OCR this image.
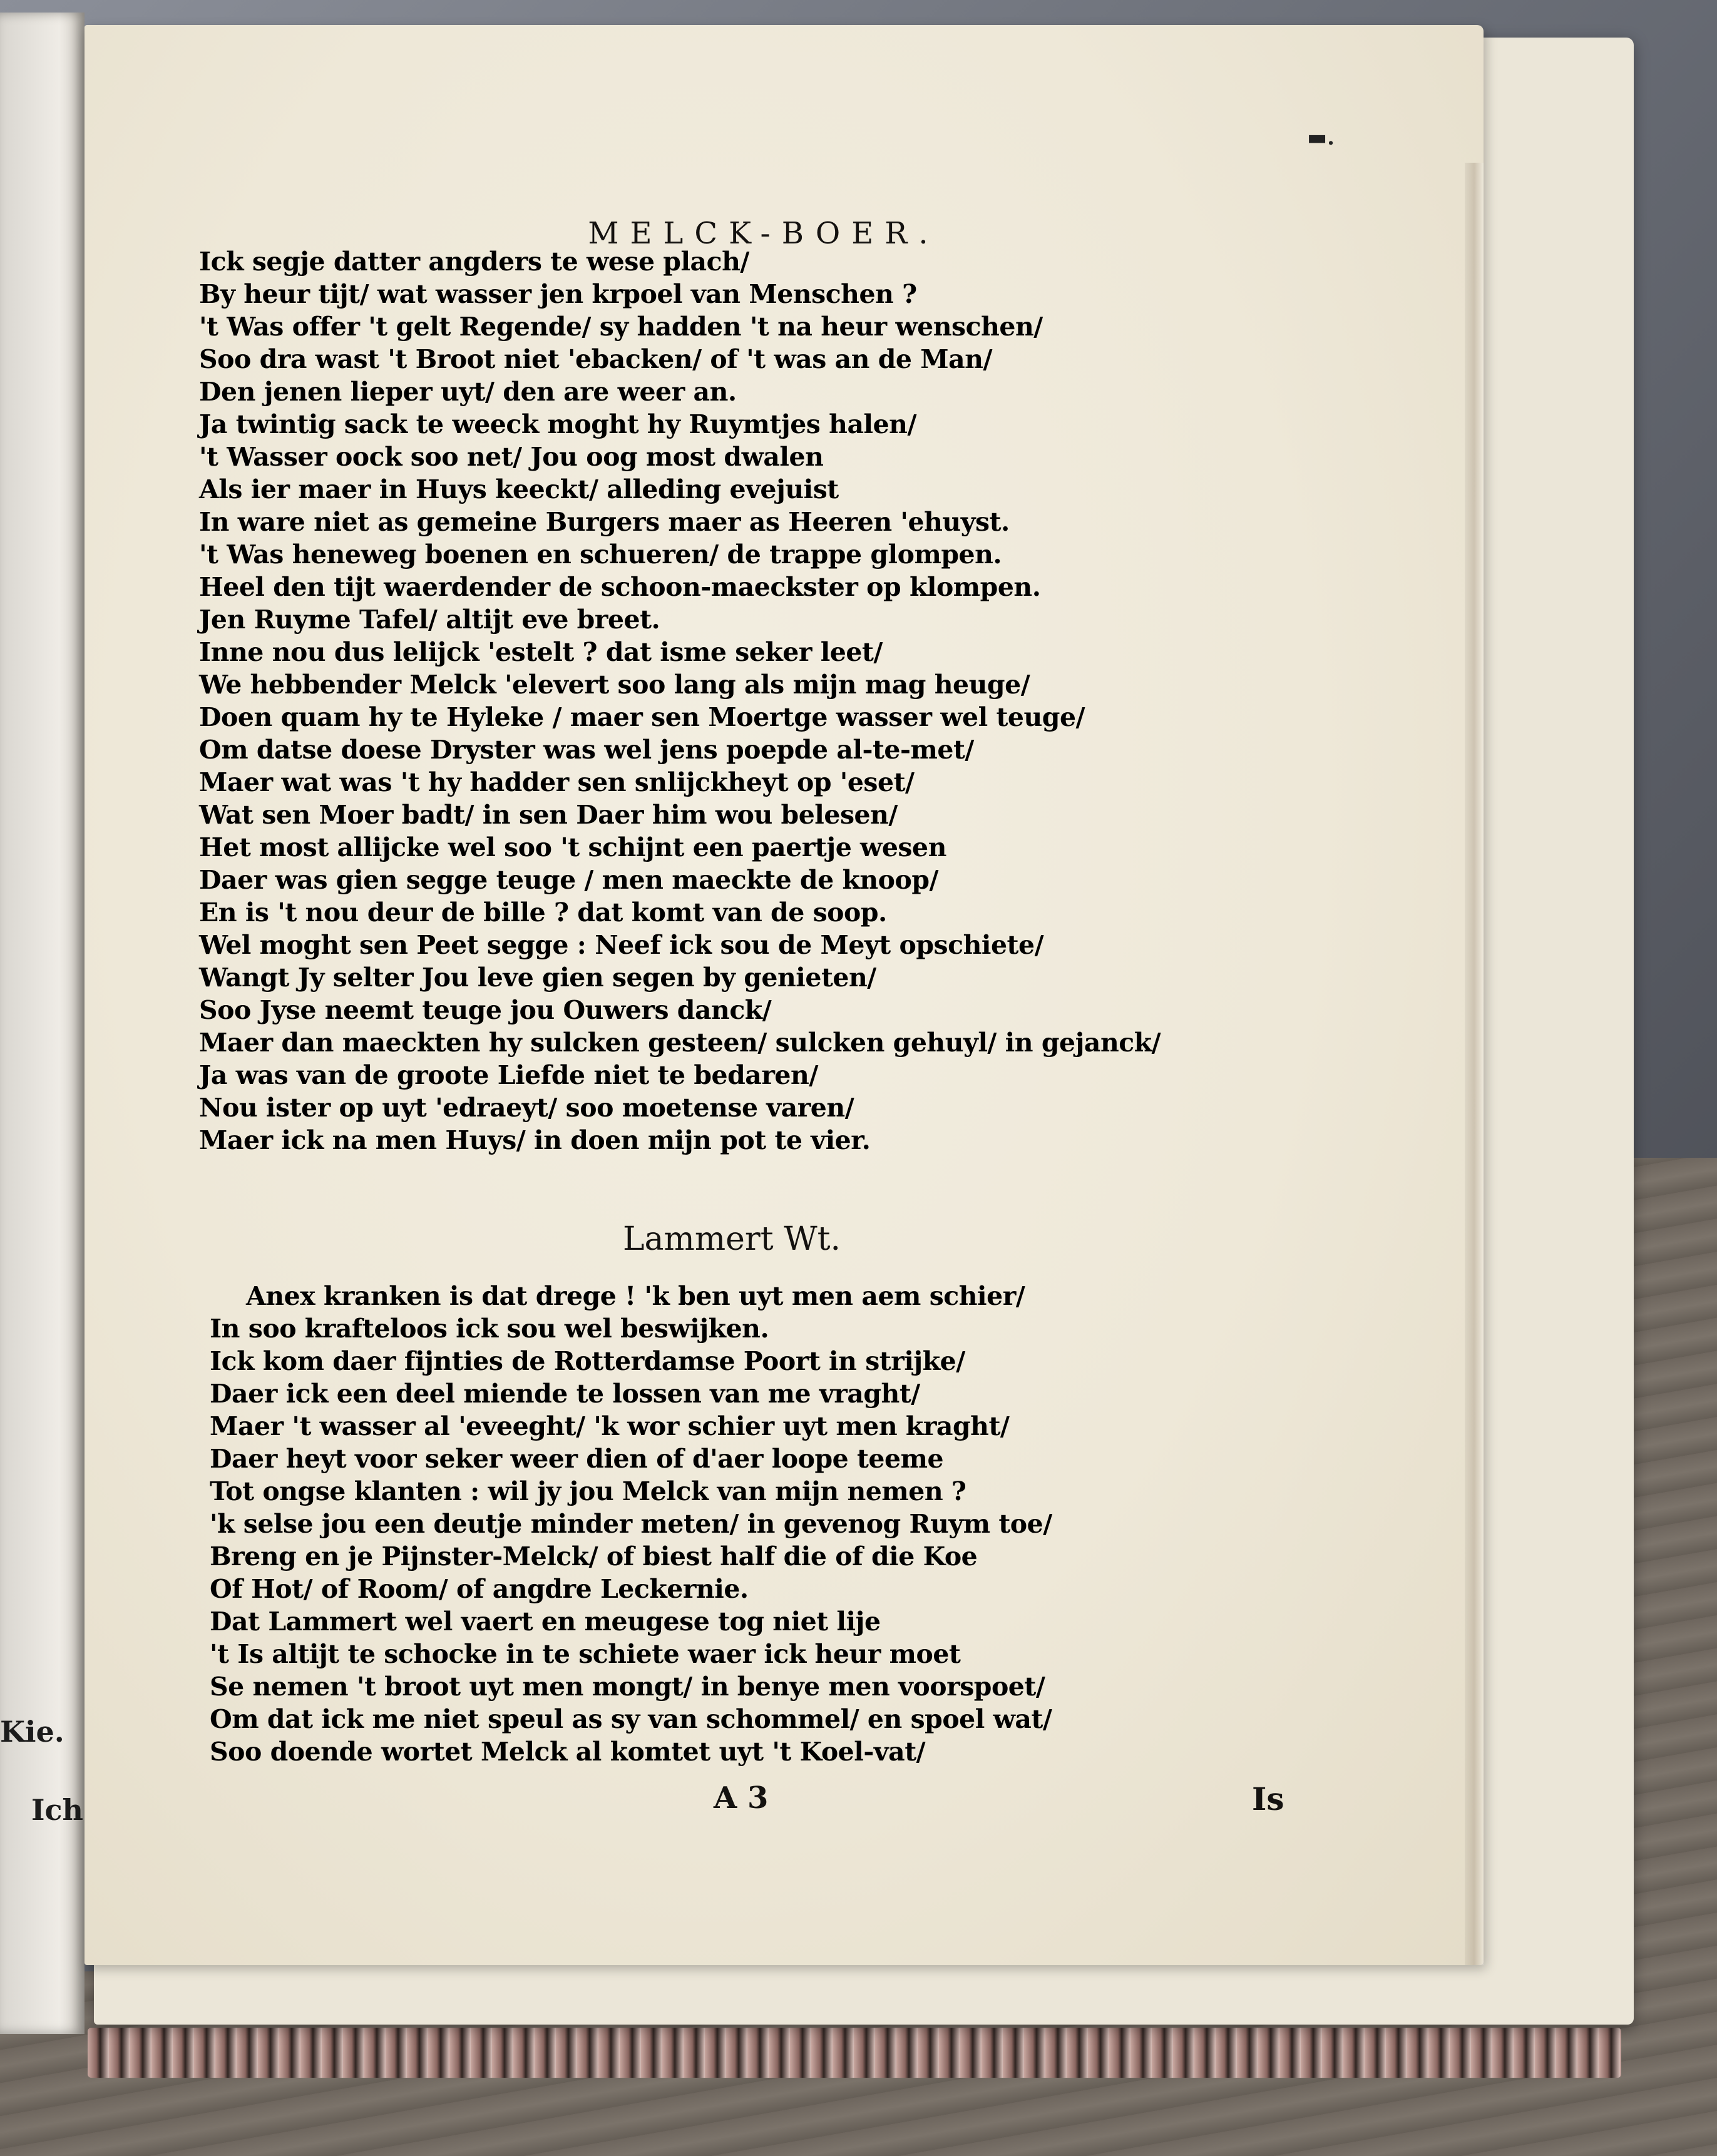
Kie.
Ich
▬.
MELCK-BOER.
Ick segje datter angders te wese plach/
By heur tijt/ wat wasser jen krpoel van Menschen ?
't Was offer 't gelt Regende/ sy hadden 't na heur wenschen/
Soo dra wast 't Broot niet 'ebacken/ of 't was an de Man/
Den jenen lieper uyt/ den are weer an.
Ja twintig sack te weeck moght hy Ruymtjes halen/
't Wasser oock soo net/ Jou oog most dwalen
Als ier maer in Huys keeckt/ alleding evejuist
In ware niet as gemeine Burgers maer as Heeren 'ehuyst.
't Was heneweg boenen en schueren/ de trappe glompen.
Heel den tijt waerdender de schoon-maeckster op klompen.
Jen Ruyme Tafel/ altijt eve breet.
Inne nou dus lelijck 'estelt ? dat isme seker leet/
We hebbender Melck 'elevert soo lang als mijn mag heuge/
Doen quam hy te Hyleke / maer sen Moertge wasser wel teuge/
Om datse doese Dryster was wel jens poepde al-te-met/
Maer wat was 't hy hadder sen snlijckheyt op 'eset/
Wat sen Moer badt/ in sen Daer him wou belesen/
Het most allijcke wel soo 't schijnt een paertje wesen
Daer was gien segge teuge / men maeckte de knoop/
En is 't nou deur de bille ? dat komt van de soop.
Wel moght sen Peet segge : Neef ick sou de Meyt opschiete/
Wangt Jy selter Jou leve gien segen by genieten/
Soo Jyse neemt teuge jou Ouwers danck/
Maer dan maeckten hy sulcken gesteen/ sulcken gehuyl/ in gejanck/
Ja was van de groote Liefde niet te bedaren/
Nou ister op uyt 'edraeyt/ soo moetense varen/
Maer ick na men Huys/ in doen mijn pot te vier.
Lammert Wt.
Anex kranken is dat drege ! 'k ben uyt men aem schier/
In soo krafteloos ick sou wel beswijken.
Ick kom daer fijnties de Rotterdamse Poort in strijke/
Daer ick een deel miende te lossen van me vraght/
Maer 't wasser al 'eveeght/ 'k wor schier uyt men kraght/
Daer heyt voor seker weer dien of d'aer loope teeme
Tot ongse klanten : wil jy jou Melck van mijn nemen ?
'k selse jou een deutje minder meten/ in gevenog Ruym toe/
Breng en je Pijnster-Melck/ of biest half die of die Koe
Of Hot/ of Room/ of angdre Leckernie.
Dat Lammert wel vaert en meugese tog niet lije
't Is altijt te schocke in te schiete waer ick heur moet
Se nemen 't broot uyt men mongt/ in benye men voorspoet/
Om dat ick me niet speul as sy van schommel/ en spoel wat/
Soo doende wortet Melck al komtet uyt 't Koel-vat/
A 3	Is
